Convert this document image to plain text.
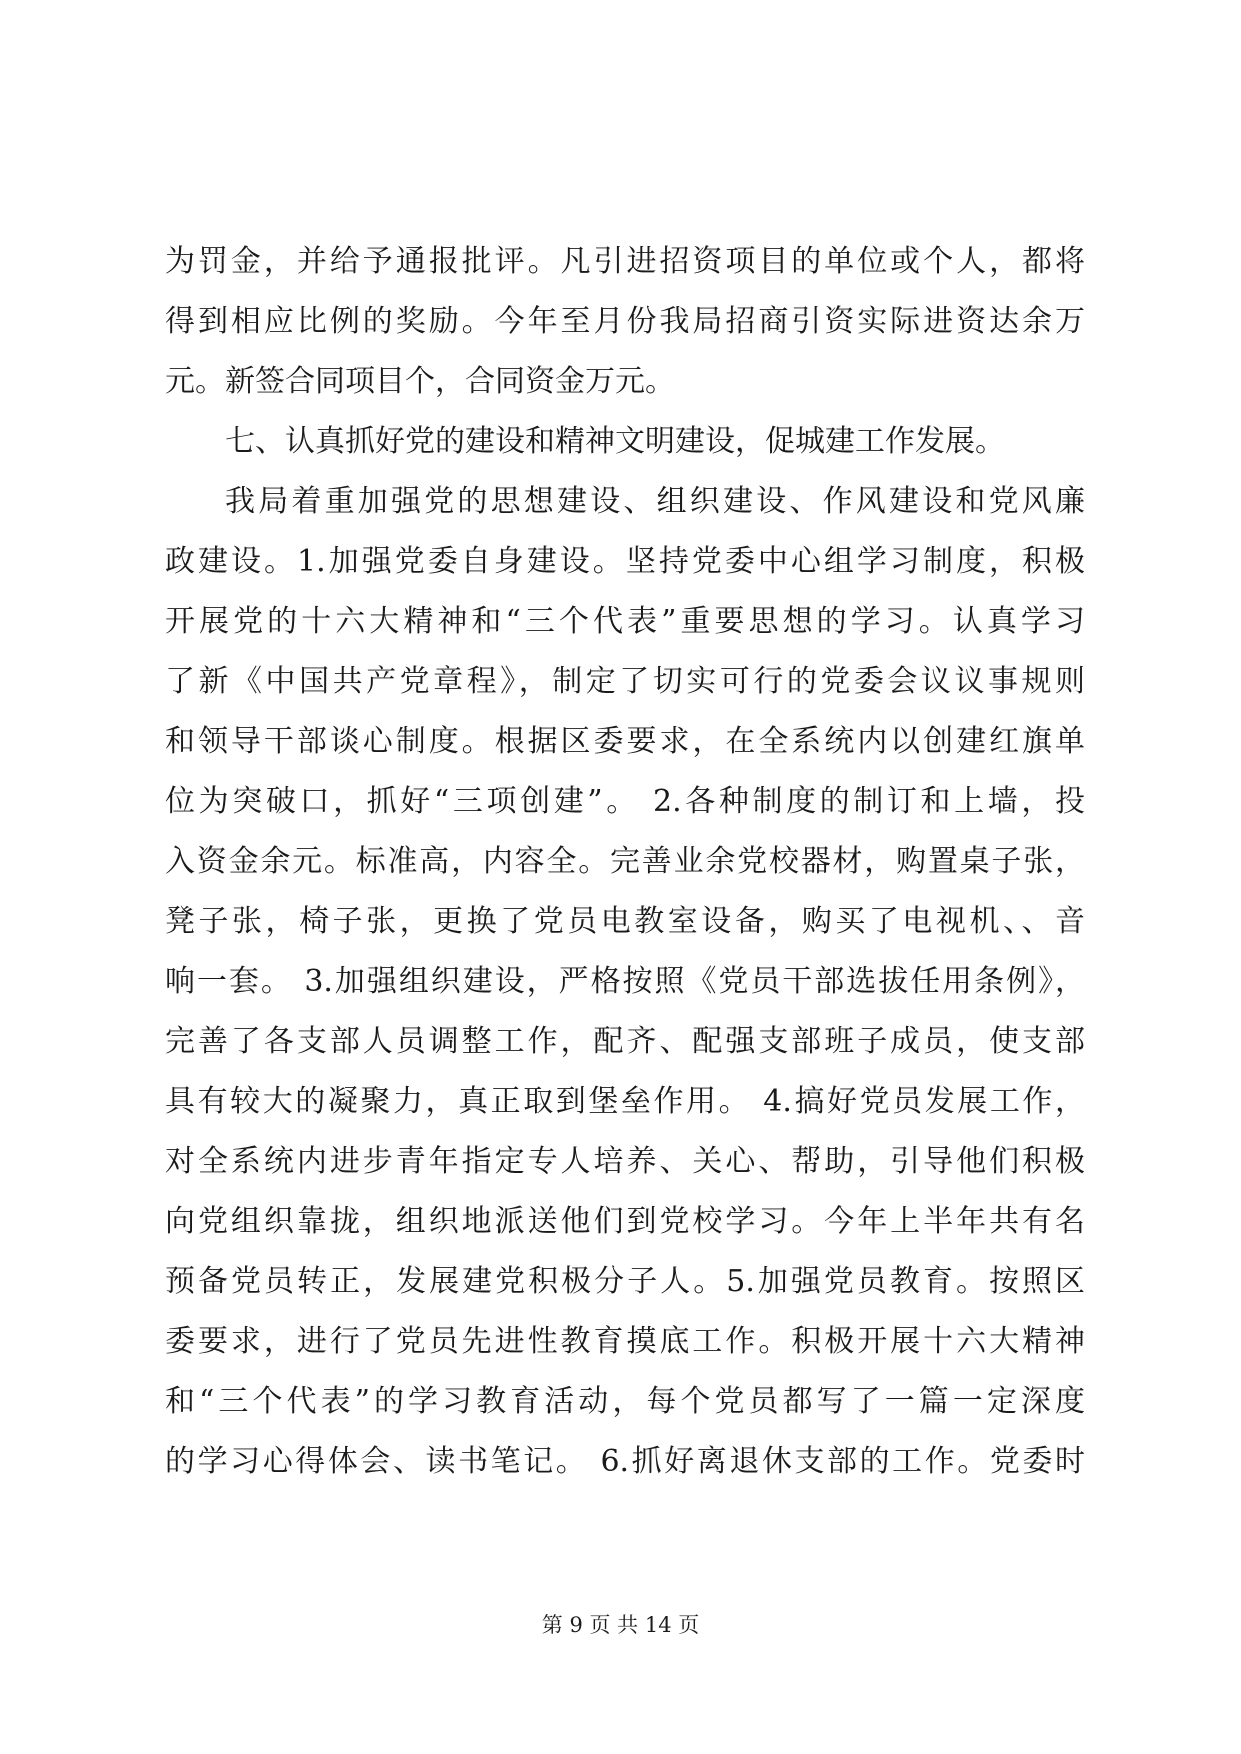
为罚金，并给予通报批评。凡引进招资项目的单位或个人，都将
得到相应比例的奖励。今年至月份我局招商引资实际进资达余万
元。新签合同项目个，合同资金万元。
七、认真抓好党的建设和精神文明建设，促城建工作发展。
我局着重加强党的思想建设、组织建设、作风建设和党风廉
政建设。1.加强党委自身建设。坚持党委中心组学习制度，积极
开展党的十六大精神和“三个代表”重要思想的学习。认真学习
了新《中国共产党章程》，制定了切实可行的党委会议议事规则
和领导干部谈心制度。根据区委要求，在全系统内以创建红旗单
位为突破口，抓好“三项创建”。 2.各种制度的制订和上墙，投
入资金余元。标准高，内容全。完善业余党校器材，购置桌子张，
凳子张，椅子张，更换了党员电教室设备，购买了电视机、、音
响一套。 3.加强组织建设，严格按照《党员干部选拔任用条例》，
完善了各支部人员调整工作，配齐、配强支部班子成员，使支部
具有较大的凝聚力，真正取到堡垒作用。 4.搞好党员发展工作，
对全系统内进步青年指定专人培养、关心、帮助，引导他们积极
向党组织靠拢，组织地派送他们到党校学习。今年上半年共有名
预备党员转正，发展建党积极分子人。5.加强党员教育。按照区
委要求，进行了党员先进性教育摸底工作。积极开展十六大精神
和“三个代表”的学习教育活动，每个党员都写了一篇一定深度
的学习心得体会、读书笔记。 6.抓好离退休支部的工作。党委时
第 9 页 共 14 页
